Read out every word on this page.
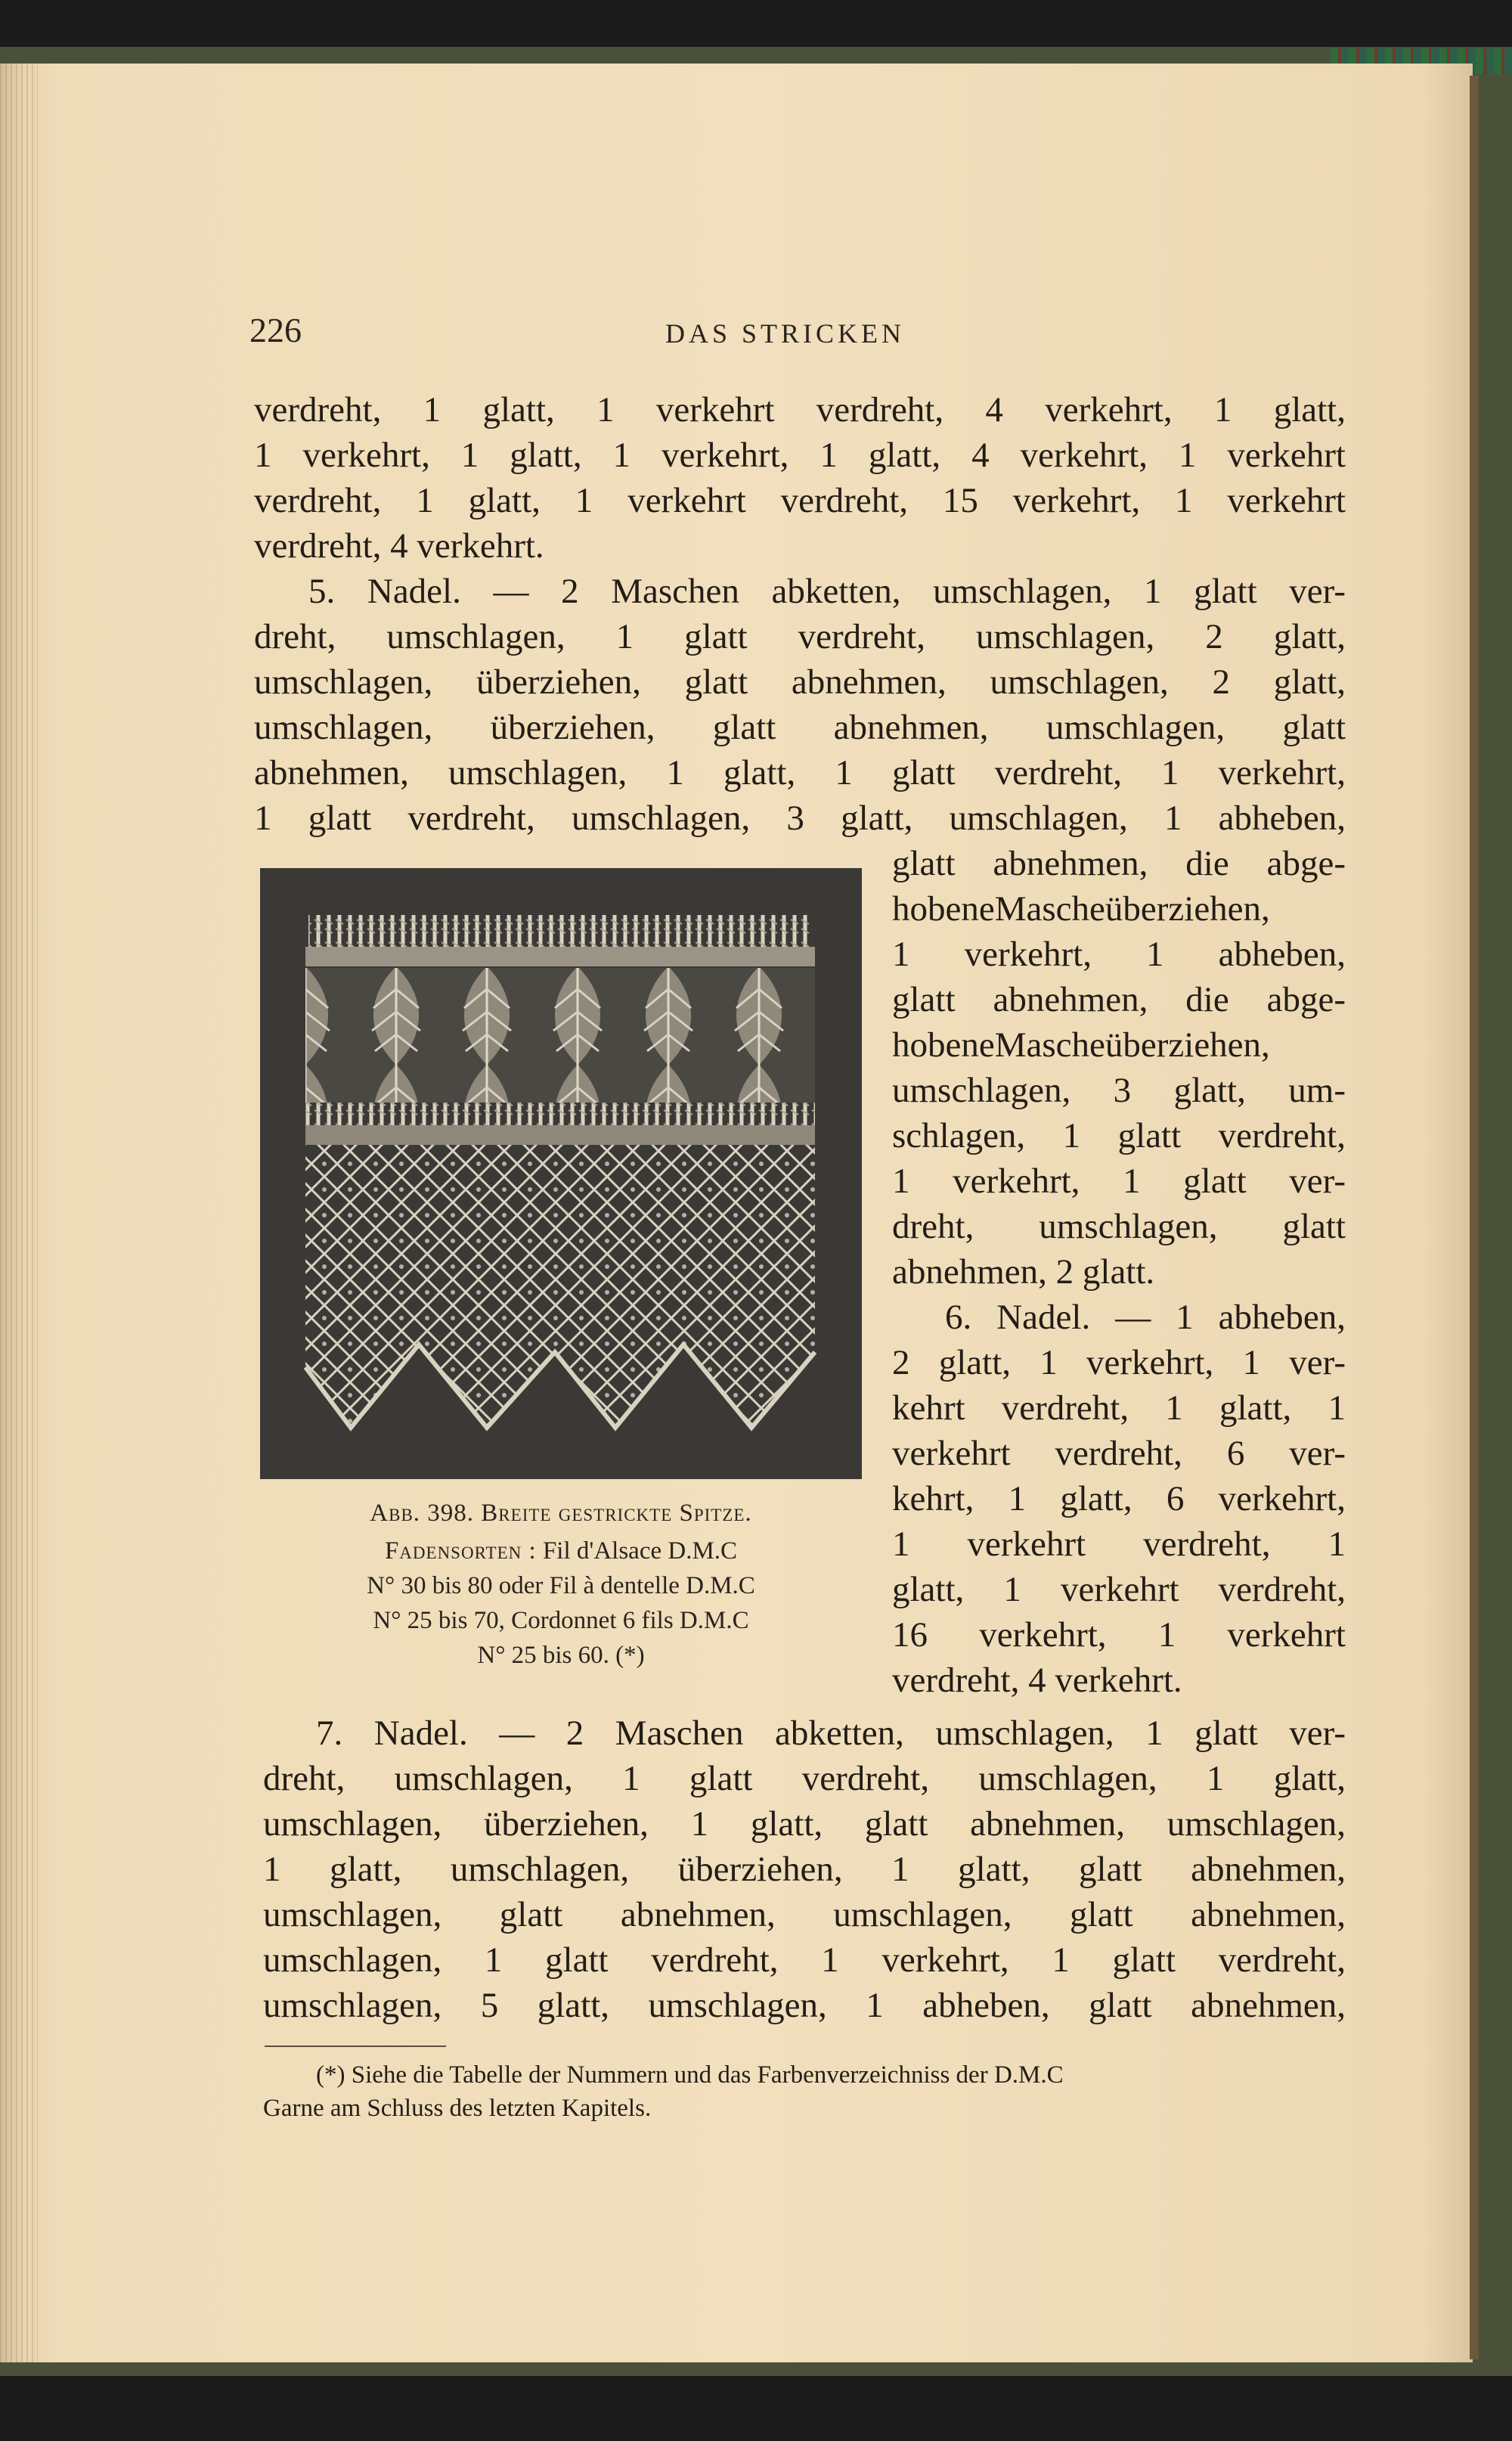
226	DAS STRICKEN
verdreht, 1 glatt, 1 verkehrt verdreht, 4 verkehrt, 1 glatt,
1 verkehrt, 1 glatt, 1 verkehrt, 1 glatt, 4 verkehrt, 1 verkehrt
verdreht, 1 glatt, 1 verkehrt verdreht, 15 verkehrt, 1 verkehrt
verdreht, 4 verkehrt.
5. Nadel. — 2 Maschen abketten, umschlagen, 1 glatt ver-
dreht, umschlagen, 1 glatt verdreht, umschlagen, 2 glatt,
umschlagen, überziehen, glatt abnehmen, umschlagen, 2 glatt,
umschlagen, überziehen, glatt abnehmen, umschlagen, glatt
abnehmen, umschlagen, 1 glatt, 1 glatt verdreht, 1 verkehrt,
1 glatt verdreht, umschlagen, 3 glatt, umschlagen, 1 abheben,
glatt abnehmen, die abge-
hobeneMascheüberziehen,
1 verkehrt, 1 abheben,
glatt abnehmen, die abge-
hobeneMascheüberziehen,
umschlagen, 3 glatt, um-
schlagen, 1 glatt verdreht,
1 verkehrt, 1 glatt ver-
dreht, umschlagen, glatt
abnehmen, 2 glatt.
6. Nadel. — 1 abheben,
2 glatt, 1 verkehrt, 1 ver-
kehrt verdreht, 1 glatt, 1
verkehrt verdreht, 6 ver-
kehrt, 1 glatt, 6 verkehrt,
1 verkehrt verdreht, 1
glatt, 1 verkehrt verdreht,
16 verkehrt, 1 verkehrt
verdreht, 4 verkehrt.
Abb. 398. Breite gestrickte Spitze.
Fadensorten : Fil d'Alsace D.M.C
N° 30 bis 80 oder Fil à dentelle D.M.C
N° 25 bis 70, Cordonnet 6 fils D.M.C
N° 25 bis 60. (*)
7. Nadel. — 2 Maschen abketten, umschlagen, 1 glatt ver-
dreht, umschlagen, 1 glatt verdreht, umschlagen, 1 glatt,
umschlagen, überziehen, 1 glatt, glatt abnehmen, umschlagen,
1 glatt, umschlagen, überziehen, 1 glatt, glatt abnehmen,
umschlagen, glatt abnehmen, umschlagen, glatt abnehmen,
umschlagen, 1 glatt verdreht, 1 verkehrt, 1 glatt verdreht,
umschlagen, 5 glatt, umschlagen, 1 abheben, glatt abnehmen,
(*) Siehe die Tabelle der Nummern und das Farbenverzeichniss der D.M.C
Garne am Schluss des letzten Kapitels.
